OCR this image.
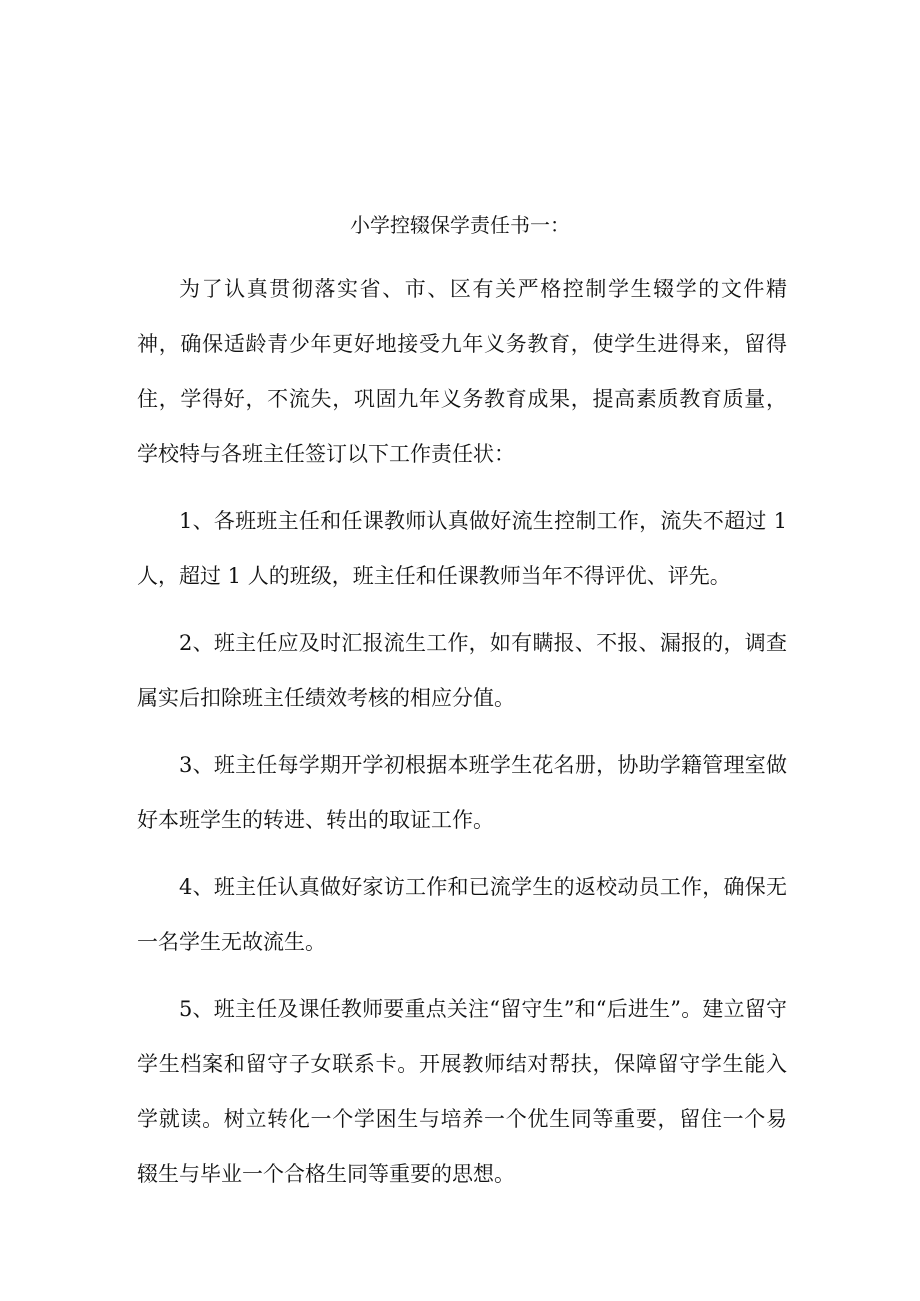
小学控辍保学责任书一：

为了认真贯彻落实省、市、区有关严格控制学生辍学的文件精神，确保适龄青少年更好地接受九年义务教育，使学生进得来，留得住，学得好，不流失，巩固九年义务教育成果，提高素质教育质量，学校特与各班主任签订以下工作责任状：

1、各班班主任和任课教师认真做好流生控制工作，流失不超过 1 人，超过 1 人的班级，班主任和任课教师当年不得评优、评先。

2、班主任应及时汇报流生工作，如有瞒报、不报、漏报的，调查属实后扣除班主任绩效考核的相应分值。

3、班主任每学期开学初根据本班学生花名册，协助学籍管理室做好本班学生的转进、转出的取证工作。

4、班主任认真做好家访工作和已流学生的返校动员工作，确保无一名学生无故流生。

5、班主任及课任教师要重点关注“留守生”和“后进生”。建立留守学生档案和留守子女联系卡。开展教师结对帮扶，保障留守学生能入学就读。树立转化一个学困生与培养一个优生同等重要，留住一个易辍生与毕业一个合格生同等重要的思想。
